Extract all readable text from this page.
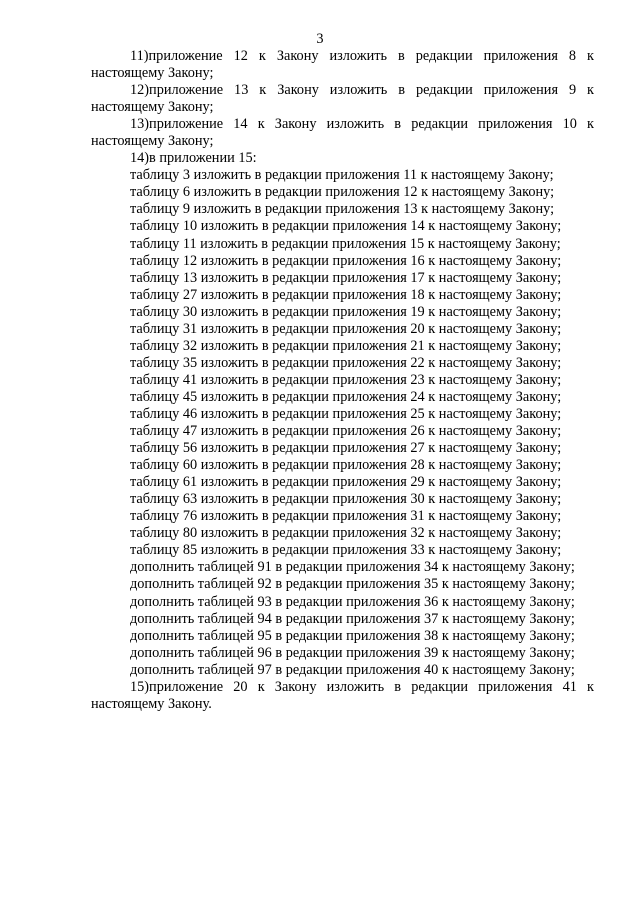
3

11)приложение 12 к Закону изложить в редакции приложения 8 к настоящему Закону;

12)приложение 13 к Закону изложить в редакции приложения 9 к настоящему Закону;

13)приложение 14 к Закону изложить в редакции приложения 10 к настоящему Закону;

14)в приложении 15:

таблицу 3 изложить в редакции приложения 11 к настоящему Закону;

таблицу 6 изложить в редакции приложения 12 к настоящему Закону;

таблицу 9 изложить в редакции приложения 13 к настоящему Закону;

таблицу 10 изложить в редакции приложения 14 к настоящему Закону;

таблицу 11 изложить в редакции приложения 15 к настоящему Закону;

таблицу 12 изложить в редакции приложения 16 к настоящему Закону;

таблицу 13 изложить в редакции приложения 17 к настоящему Закону;

таблицу 27 изложить в редакции приложения 18 к настоящему Закону;

таблицу 30 изложить в редакции приложения 19 к настоящему Закону;

таблицу 31 изложить в редакции приложения 20 к настоящему Закону;

таблицу 32 изложить в редакции приложения 21 к настоящему Закону;

таблицу 35 изложить в редакции приложения 22 к настоящему Закону;

таблицу 41 изложить в редакции приложения 23 к настоящему Закону;

таблицу 45 изложить в редакции приложения 24 к настоящему Закону;

таблицу 46 изложить в редакции приложения 25 к настоящему Закону;

таблицу 47 изложить в редакции приложения 26 к настоящему Закону;

таблицу 56 изложить в редакции приложения 27 к настоящему Закону;

таблицу 60 изложить в редакции приложения 28 к настоящему Закону;

таблицу 61 изложить в редакции приложения 29 к настоящему Закону;

таблицу 63 изложить в редакции приложения 30 к настоящему Закону;

таблицу 76 изложить в редакции приложения 31 к настоящему Закону;

таблицу 80 изложить в редакции приложения 32 к настоящему Закону;

таблицу 85 изложить в редакции приложения 33 к настоящему Закону;

дополнить таблицей 91 в редакции приложения 34 к настоящему Закону;

дополнить таблицей 92 в редакции приложения 35 к настоящему Закону;

дополнить таблицей 93 в редакции приложения 36 к настоящему Закону;

дополнить таблицей 94 в редакции приложения 37 к настоящему Закону;

дополнить таблицей 95 в редакции приложения 38 к настоящему Закону;

дополнить таблицей 96 в редакции приложения 39 к настоящему Закону;

дополнить таблицей 97 в редакции приложения 40 к настоящему Закону;

15)приложение 20 к Закону изложить в редакции приложения 41 к настоящему Закону.
